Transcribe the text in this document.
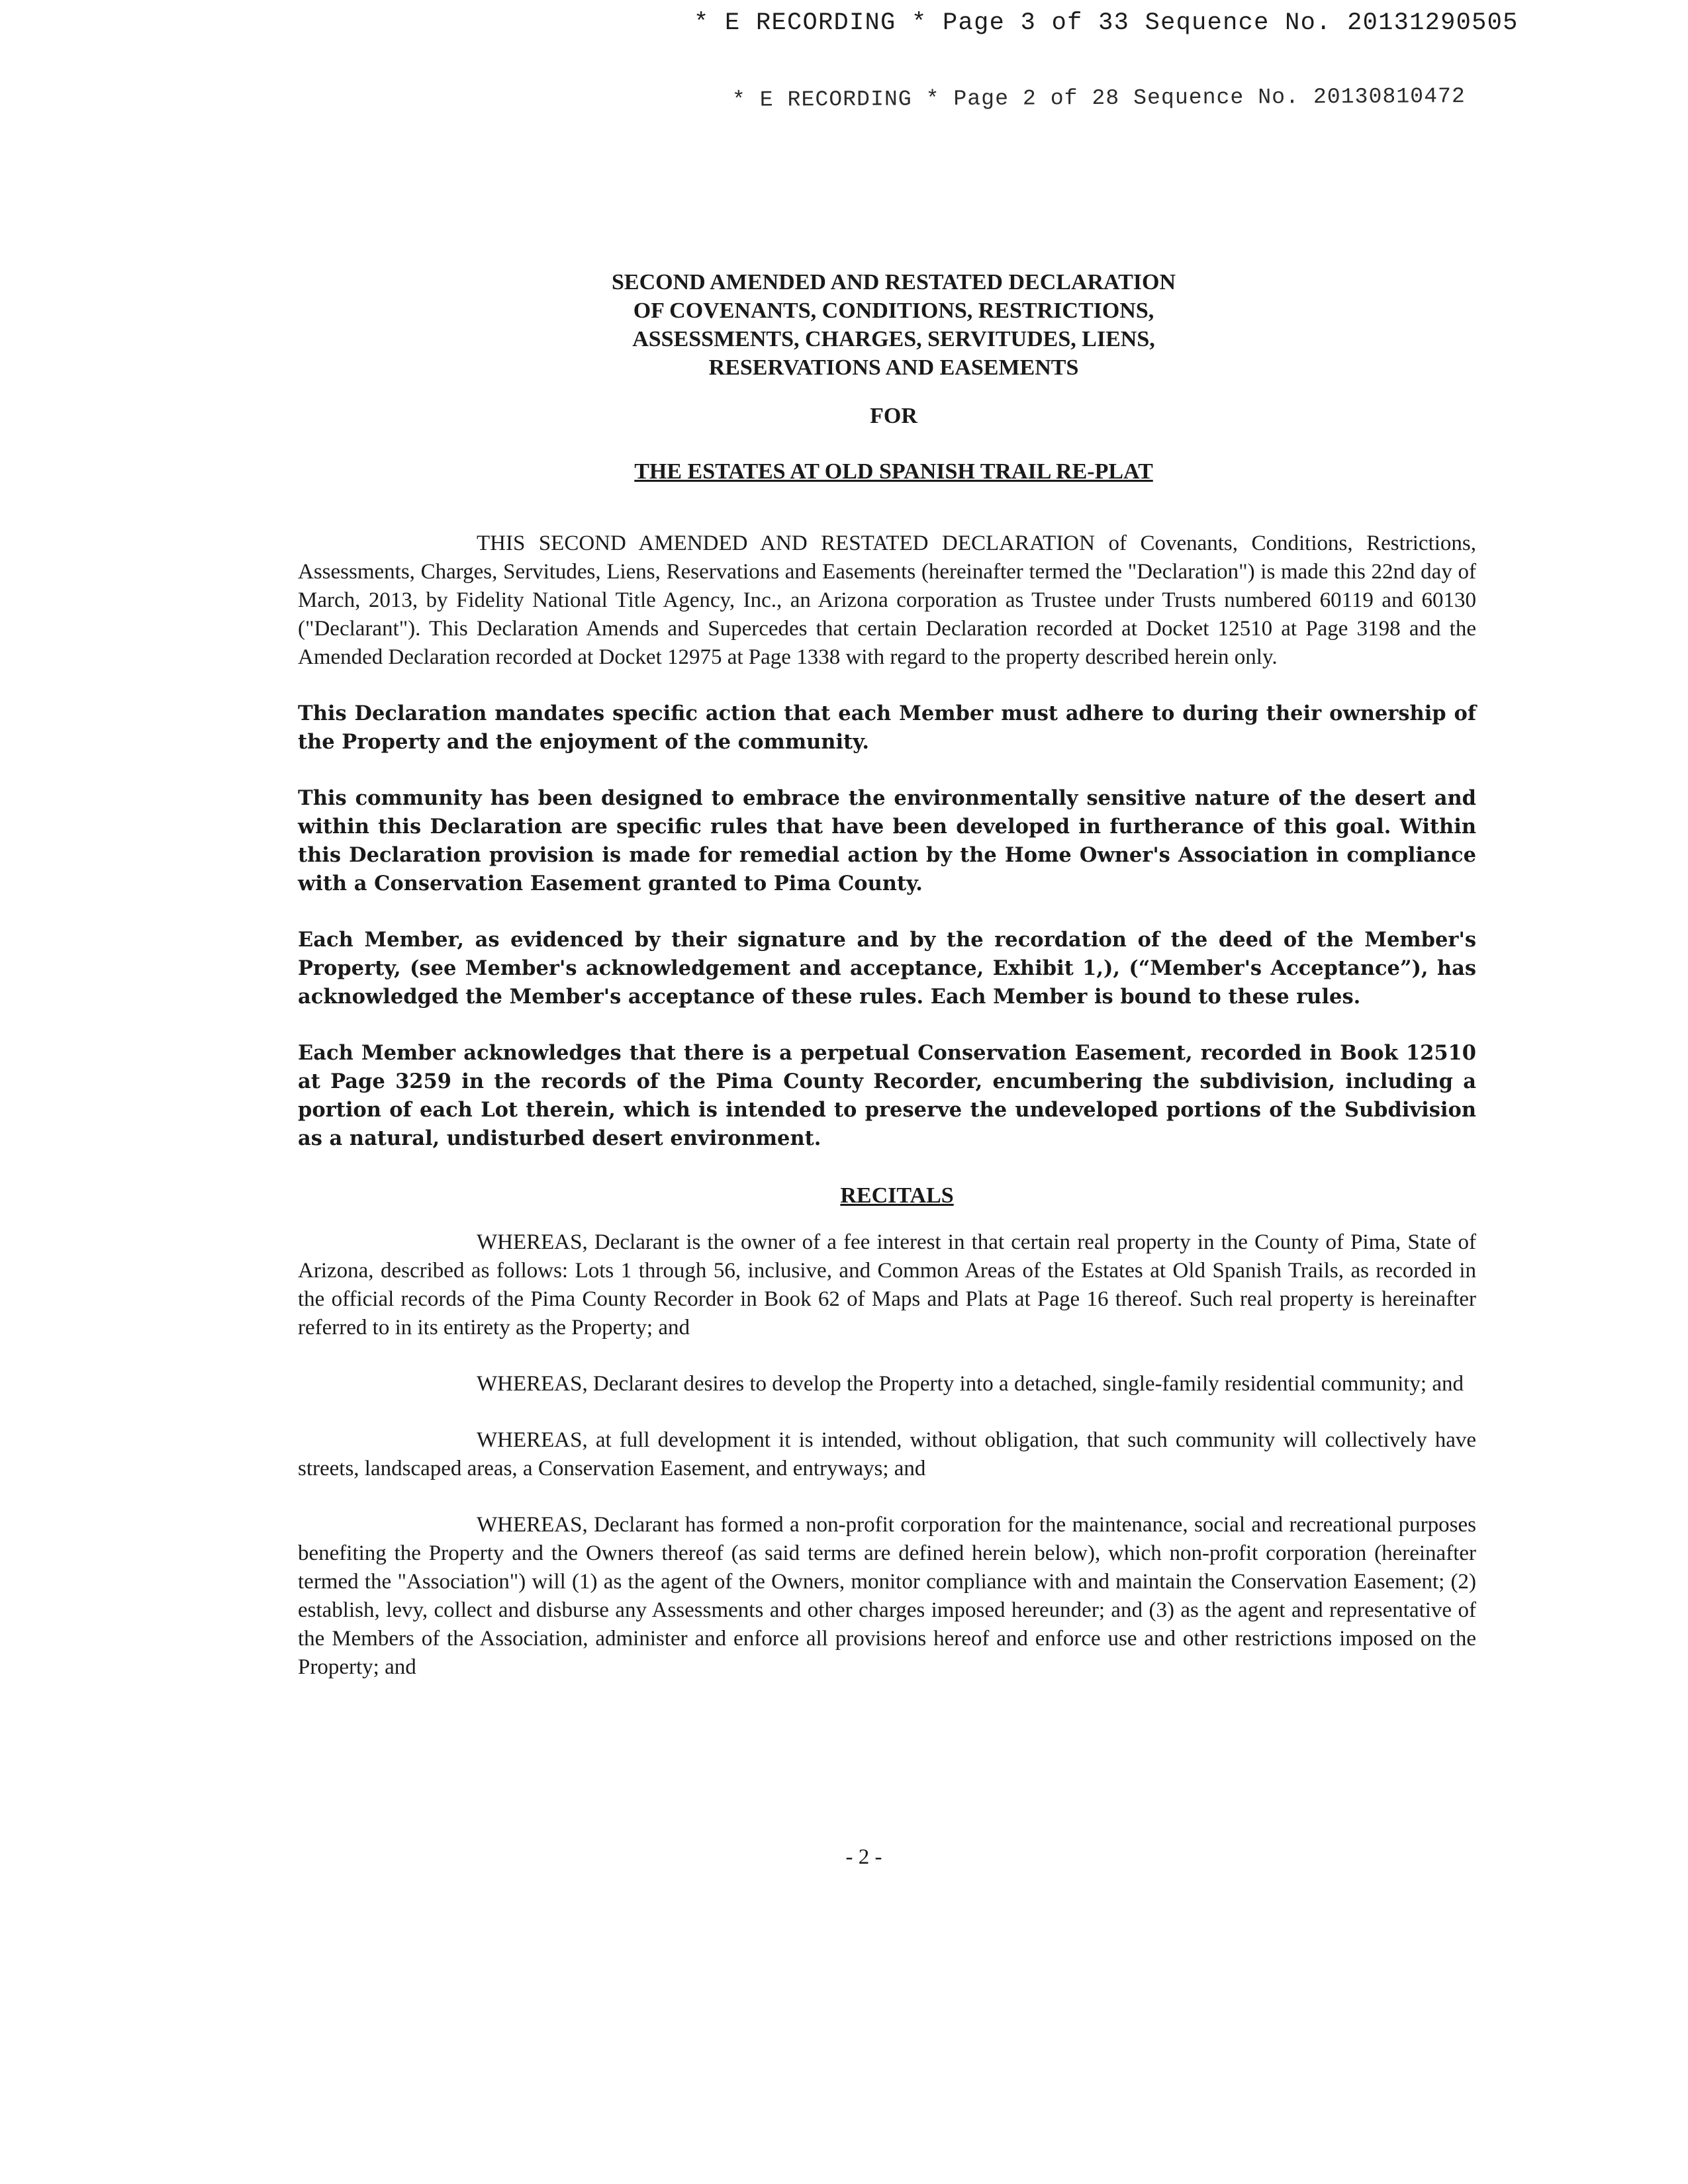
* E RECORDING * Page 3 of 33 Sequence No. 20131290505
* E RECORDING * Page 2 of 28 Sequence No. 20130810472
SECOND AMENDED AND RESTATED DECLARATION
OF COVENANTS, CONDITIONS, RESTRICTIONS,
ASSESSMENTS, CHARGES, SERVITUDES, LIENS,
RESERVATIONS AND EASEMENTS
FOR
THE ESTATES AT OLD SPANISH TRAIL RE-PLAT

THIS SECOND AMENDED AND RESTATED DECLARATION of Covenants, Conditions, Restrictions, Assessments, Charges, Servitudes, Liens, Reservations and Easements (hereinafter termed the "Declaration") is made this 22nd day of March, 2013, by Fidelity National Title Agency, Inc., an Arizona corporation as Trustee under Trusts numbered 60119 and 60130 ("Declarant"). This Declaration Amends and Supercedes that certain Declaration recorded at Docket 12510 at Page 3198 and the Amended Declaration recorded at Docket 12975 at Page 1338 with regard to the property described herein only.

This Declaration mandates specific action that each Member must adhere to during their ownership of the Property and the enjoyment of the community.

This community has been designed to embrace the environmentally sensitive nature of the desert and within this Declaration are specific rules that have been developed in furtherance of this goal. Within this Declaration provision is made for remedial action by the Home Owner's Association in compliance with a Conservation Easement granted to Pima County.

Each Member, as evidenced by their signature and by the recordation of the deed of the Member's Property, (see Member's acknowledgement and acceptance, Exhibit 1,), (“Member's Acceptance”), has acknowledged the Member's acceptance of these rules. Each Member is bound to these rules.

Each Member acknowledges that there is a perpetual Conservation Easement, recorded in Book 12510 at Page 3259 in the records of the Pima County Recorder, encumbering the subdivision, including a portion of each Lot therein, which is intended to preserve the undeveloped portions of the Subdivision as a natural, undisturbed desert environment.

RECITALS

WHEREAS, Declarant is the owner of a fee interest in that certain real property in the County of Pima, State of Arizona, described as follows: Lots 1 through 56, inclusive, and Common Areas of the Estates at Old Spanish Trails, as recorded in the official records of the Pima County Recorder in Book 62 of Maps and Plats at Page 16 thereof. Such real property is hereinafter referred to in its entirety as the Property; and

WHEREAS, Declarant desires to develop the Property into a detached, single-family residential community; and

WHEREAS, at full development it is intended, without obligation, that such community will collectively have streets, landscaped areas, a Conservation Easement, and entryways; and

WHEREAS, Declarant has formed a non-profit corporation for the maintenance, social and recreational purposes benefiting the Property and the Owners thereof (as said terms are defined herein below), which non-profit corporation (hereinafter termed the "Association") will (1) as the agent of the Owners, monitor compliance with and maintain the Conservation Easement; (2) establish, levy, collect and disburse any Assessments and other charges imposed hereunder; and (3) as the agent and representative of the Members of the Association, administer and enforce all provisions hereof and enforce use and other restrictions imposed on the Property; and

- 2 -
